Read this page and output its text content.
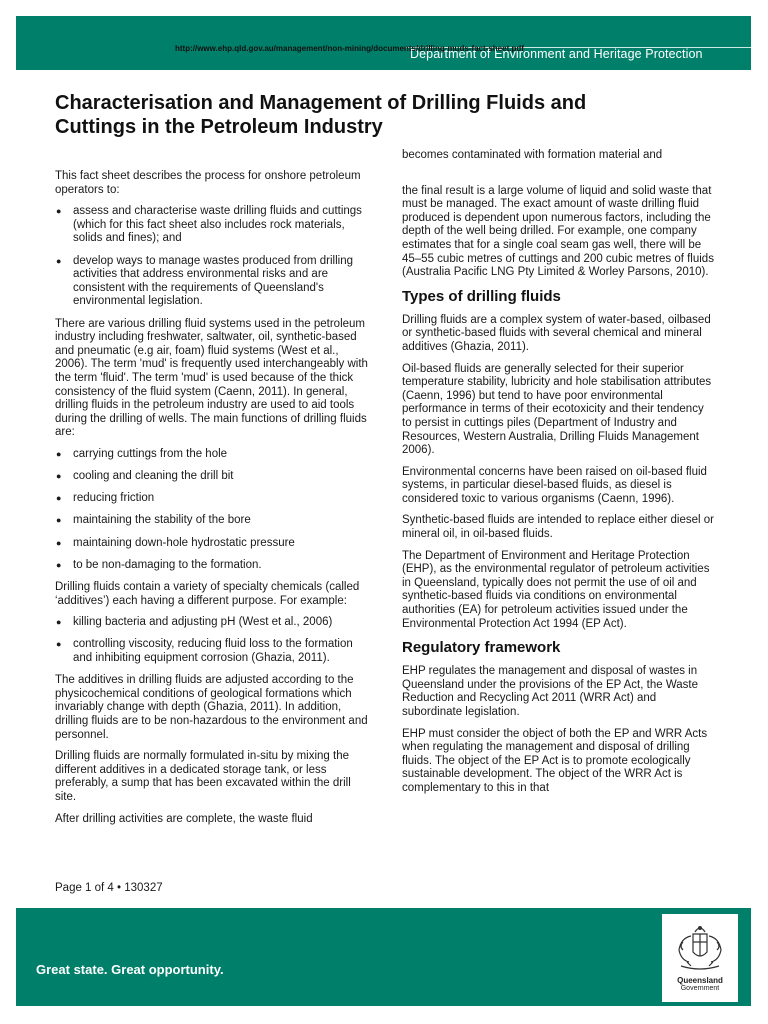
http://www.ehp.qld.gov.au/management/non-mining/documents/drilling-muds-fact-sheet.pdf
Department of Environment and Heritage Protection
Characterisation and Management of Drilling Fluids and
Cuttings in the Petroleum Industry

This fact sheet describes the process for onshore petroleum operators to:

● assess and characterise waste drilling fluids and cuttings (which for this fact sheet also includes rock materials, solids and fines); and
● develop ways to manage wastes produced from drilling activities that address environmental risks and are consistent with the requirements of Queensland's environmental legislation.

There are various drilling fluid systems used in the petroleum industry including freshwater, saltwater, oil, synthetic-based and pneumatic (e.g air, foam) fluid systems (West et al., 2006). The term 'mud' is frequently used interchangeably with the term 'fluid'. The term 'mud' is used because of the thick consistency of the fluid system (Caenn, 2011). In general, drilling fluids in the petroleum industry are used to aid tools during the drilling of wells. The main functions of drilling fluids are:

● carrying cuttings from the hole
● cooling and cleaning the drill bit
● reducing friction
● maintaining the stability of the bore
● maintaining down-hole hydrostatic pressure
● to be non-damaging to the formation.

Drilling fluids contain a variety of specialty chemicals (called ‘additives’) each having a different purpose. For example:

● killing bacteria and adjusting pH (West et al., 2006)
● controlling viscosity, reducing fluid loss to the formation and inhibiting equipment corrosion (Ghazia, 2011).

The additives in drilling fluids are adjusted according to the physicochemical conditions of geological formations which invariably change with depth (Ghazia, 2011). In addition, drilling fluids are to be non-hazardous to the environment and personnel.

Drilling fluids are normally formulated in-situ by mixing the different additives in a dedicated storage tank, or less preferably, a sump that has been excavated within the drill site.

After drilling activities are complete, the waste fluid

becomes contaminated with formation material and

the final result is a large volume of liquid and solid waste that must be managed. The exact amount of waste drilling fluid produced is dependent upon numerous factors, including the depth of the well being drilled. For example, one company estimates that for a single coal seam gas well, there will be 45–55 cubic metres of cuttings and 200 cubic metres of fluids (Australia Pacific LNG Pty Limited & Worley Parsons, 2010).

Types of drilling fluids

Drilling fluids are a complex system of water-based, oilbased or synthetic-based fluids with several chemical and mineral additives (Ghazia, 2011).

Oil-based fluids are generally selected for their superior temperature stability, lubricity and hole stabilisation attributes (Caenn, 1996) but tend to have poor environmental performance in terms of their ecotoxicity and their tendency to persist in cuttings piles (Department of Industry and Resources, Western Australia, Drilling Fluids Management 2006).

Environmental concerns have been raised on oil-based fluid systems, in particular diesel-based fluids, as diesel is considered toxic to various organisms (Caenn, 1996).

Synthetic-based fluids are intended to replace either diesel or mineral oil, in oil-based fluids.

The Department of Environment and Heritage Protection (EHP), as the environmental regulator of petroleum activities in Queensland, typically does not permit the use of oil and synthetic-based fluids via conditions on environmental authorities (EA) for petroleum activities issued under the Environmental Protection Act 1994 (EP Act).

Regulatory framework

EHP regulates the management and disposal of wastes in Queensland under the provisions of the EP Act, the Waste Reduction and Recycling Act 2011 (WRR Act) and subordinate legislation.

EHP must consider the object of both the EP and WRR Acts when regulating the management and disposal of drilling fluids. The object of the EP Act is to promote ecologically sustainable development. The object of the WRR Act is complementary to this in that

Page 1 of 4 • 130327
Great state. Great opportunity.
Queensland
Government
